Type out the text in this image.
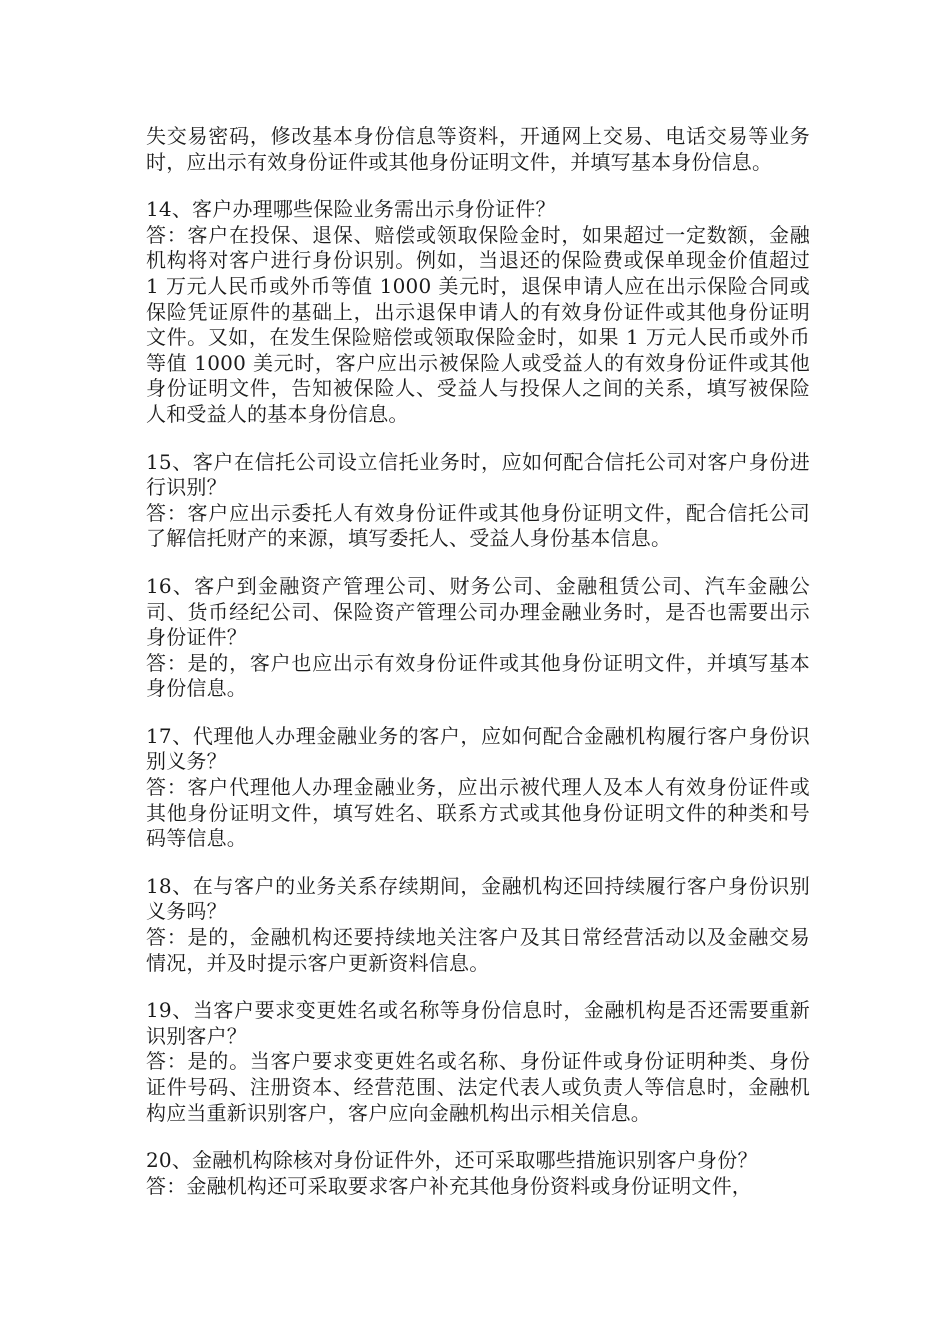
失交易密码，修改基本身份信息等资料，开通网上交易、电话交易等业务时，应出示有效身份证件或其他身份证明文件，并填写基本身份信息。

14、客户办理哪些保险业务需出示身份证件？

答：客户在投保、退保、赔偿或领取保险金时，如果超过一定数额，金融机构将对客户进行身份识别。例如，当退还的保险费或保单现金价值超过 1 万元人民币或外币等值 1000 美元时，退保申请人应在出示保险合同或保险凭证原件的基础上，出示退保申请人的有效身份证件或其他身份证明文件。又如，在发生保险赔偿或领取保险金时，如果 1 万元人民币或外币等值 1000 美元时，客户应出示被保险人或受益人的有效身份证件或其他身份证明文件，告知被保险人、受益人与投保人之间的关系，填写被保险人和受益人的基本身份信息。

15、客户在信托公司设立信托业务时，应如何配合信托公司对客户身份进行识别？

答：客户应出示委托人有效身份证件或其他身份证明文件，配合信托公司了解信托财产的来源，填写委托人、受益人身份基本信息。

16、客户到金融资产管理公司、财务公司、金融租赁公司、汽车金融公司、货币经纪公司、保险资产管理公司办理金融业务时，是否也需要出示身份证件？

答：是的，客户也应出示有效身份证件或其他身份证明文件，并填写基本身份信息。

17、代理他人办理金融业务的客户，应如何配合金融机构履行客户身份识别义务？

答：客户代理他人办理金融业务，应出示被代理人及本人有效身份证件或其他身份证明文件，填写姓名、联系方式或其他身份证明文件的种类和号码等信息。

18、在与客户的业务关系存续期间，金融机构还回持续履行客户身份识别义务吗？

答：是的，金融机构还要持续地关注客户及其日常经营活动以及金融交易情况，并及时提示客户更新资料信息。

19、当客户要求变更姓名或名称等身份信息时，金融机构是否还需要重新识别客户？

答：是的。当客户要求变更姓名或名称、身份证件或身份证明种类、身份证件号码、注册资本、经营范围、法定代表人或负责人等信息时，金融机构应当重新识别客户，客户应向金融机构出示相关信息。

20、金融机构除核对身份证件外，还可采取哪些措施识别客户身份？

答：金融机构还可采取要求客户补充其他身份资料或身份证明文件，
